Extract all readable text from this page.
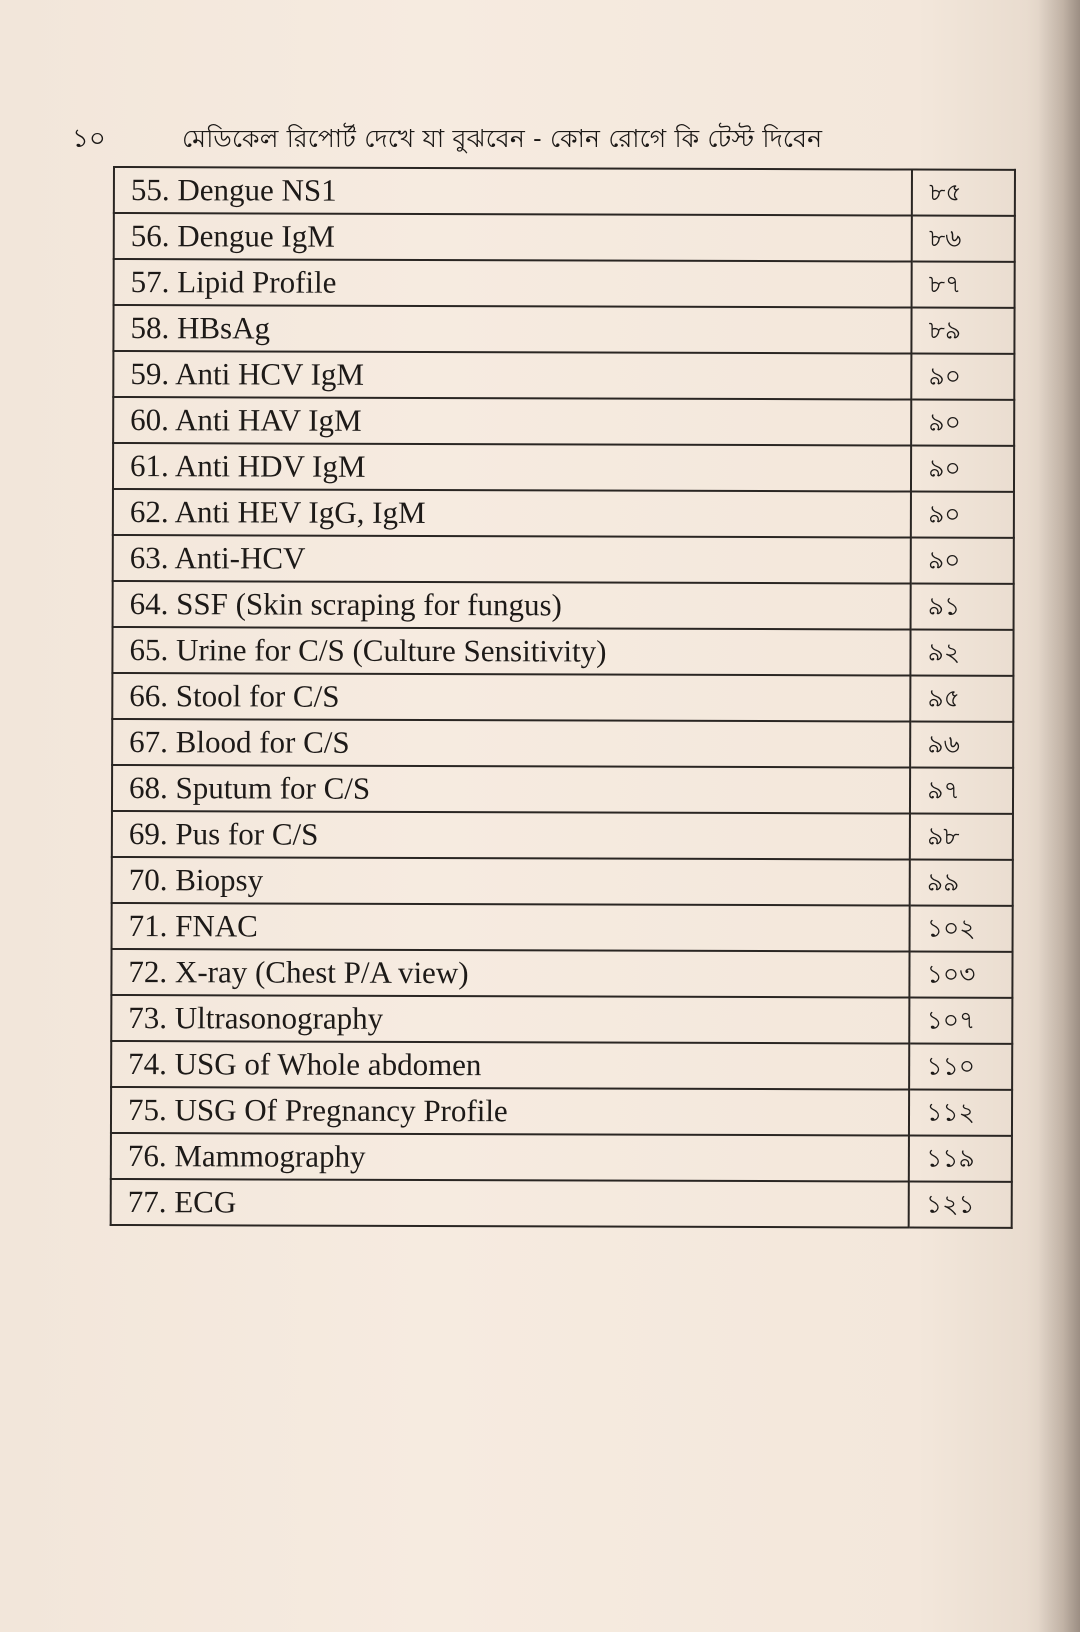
১০	মেডিকেল রিপোর্ট দেখে যা বুঝবেন - কোন রোগে কি টেস্ট দিবেন
55. Dengue NS1	৮৫
56. Dengue IgM	৮৬
57. Lipid Profile	৮৭
58. HBsAg	৮৯
59. Anti HCV IgM	৯০
60. Anti HAV IgM	৯০
61. Anti HDV IgM	৯০
62. Anti HEV IgG, IgM	৯০
63. Anti-HCV	৯০
64. SSF (Skin scraping for fungus)	৯১
65. Urine for C/S (Culture Sensitivity)	৯২
66. Stool for C/S	৯৫
67. Blood for C/S	৯৬
68. Sputum for C/S	৯৭
69. Pus for C/S	৯৮
70. Biopsy	৯৯
71. FNAC	১০২
72. X-ray (Chest P/A view)	১০৩
73. Ultrasonography	১০৭
74. USG of Whole abdomen	১১০
75. USG Of Pregnancy Profile	১১২
76. Mammography	১১৯
77. ECG	১২১
